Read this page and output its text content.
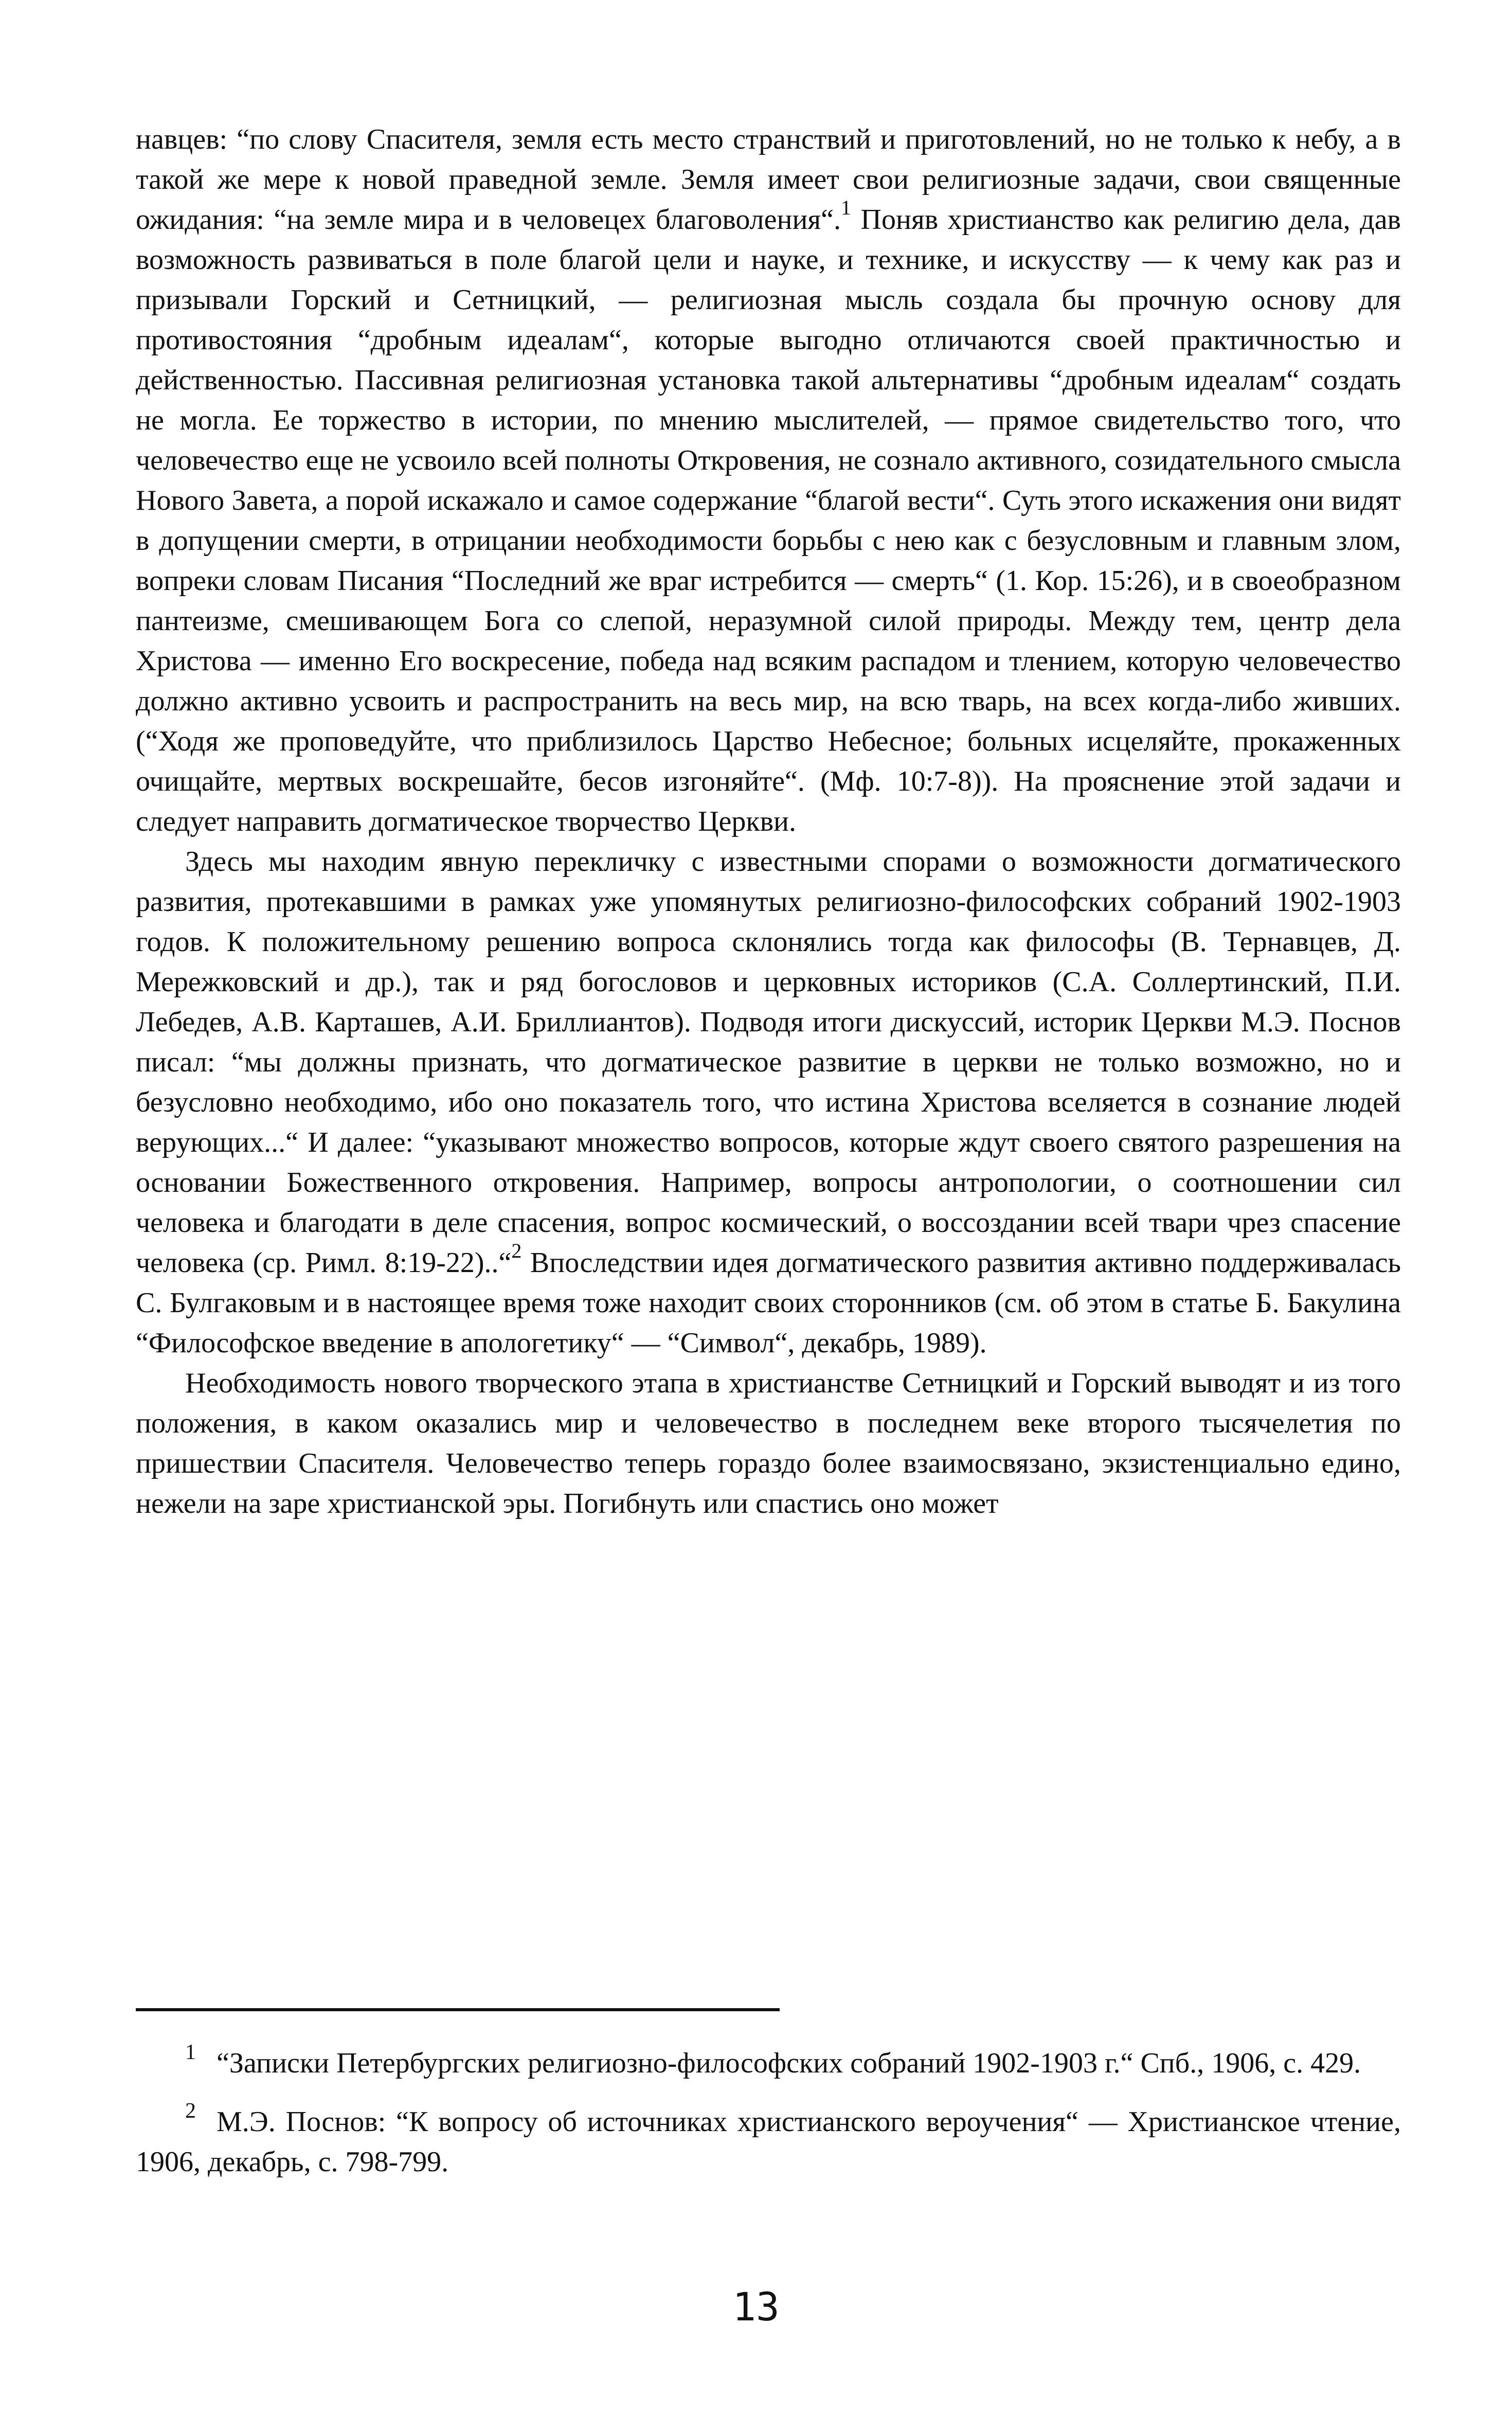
навцев: “по слову Спасителя, земля есть место странствий и приготовлений, но не только к небу, а в такой же мере к новой праведной земле. Земля имеет свои религиозные задачи, свои священные ожидания: “на земле мира и в человецех благоволения“.$^1$ Поняв христианство как религию дела, дав возможность развиваться в поле благой цели и науке, и технике, и искусству — к чему как раз и призывали Горский и Сетницкий, — религиозная мысль создала бы прочную основу для противостояния “дробным идеалам“, которые выгодно отличаются своей практичностью и действенностью. Пассивная религиозная установка такой альтернативы “дробным идеалам“ создать не могла. Ее торжество в истории, по мнению мыслителей, — прямое свидетельство того, что человечество еще не усвоило всей полноты Откровения, не сознало активного, созидательного смысла Нового Завета, а порой искажало и самое содержание “благой вести“. Суть этого искажения они видят в допущении смерти, в отрицании необходимости борьбы с нею как с безусловным и главным злом, вопреки словам Писания “Последний же враг истребится — смерть“ (1. Кор. 15:26), и в своеобразном пантеизме, смешивающем Бога со слепой, неразумной силой природы. Между тем, центр дела Христова — именно Его воскресение, победа над всяким распадом и тлением, которую человечество должно активно усвоить и распространить на весь мир, на всю тварь, на всех когда-либо живших. (“Ходя же проповедуйте, что приблизилось Царство Небесное; больных исцеляйте, прокаженных очищайте, мертвых воскрешайте, бесов изгоняйте“. (Мф. 10:7-8)). На прояснение этой задачи и следует направить догматическое творчество Церкви.

Здесь мы находим явную перекличку с известными спорами о возможности догматического развития, протекавшими в рамках уже упомянутых религиозно-философских собраний 1902-1903 годов. К положительному решению вопроса склонялись тогда как философы (В. Тернавцев, Д. Мережковский и др.), так и ряд богословов и церковных историков (С.А. Соллертинский, П.И. Лебедев, А.В. Карташев, А.И. Бриллиантов). Подводя итоги дискуссий, историк Церкви М.Э. Поснов писал: “мы должны признать, что догматическое развитие в церкви не только возможно, но и безусловно необходимо, ибо оно показатель того, что истина Христова вселяется в сознание людей верующих...“ И далее: “указывают множество вопросов, которые ждут своего святого разрешения на основании Божественного откровения. Например, вопросы антропологии, о соотношении сил человека и благодати в деле спасения, вопрос космический, о воссоздании всей твари чрез спасение человека (ср. Римл. 8:19-22)..“$^2$ Впоследствии идея догматического развития активно поддерживалась С. Булгаковым и в настоящее время тоже находит своих сторонников (см. об этом в статье Б. Бакулина “Философское введение в апологетику“ — “Символ“, декабрь, 1989).

Необходимость нового творческого этапа в христианстве Сетницкий и Горский выводят и из того положения, в каком оказались мир и человечество в последнем веке второго тысячелетия по пришествии Спасителя. Человечество теперь гораздо более взаимосвязано, экзистенциально едино, нежели на заре христианской эры. Погибнуть или спастись оно может

$^1$ “Записки Петербургских религиозно-философских собраний 1902-1903 г.“ Спб., 1906, с. 429.

$^2$ М.Э. Поснов: “К вопросу об источниках христианского вероучения“ — Христианское чтение, 1906, декабрь, с. 798-799.

13
